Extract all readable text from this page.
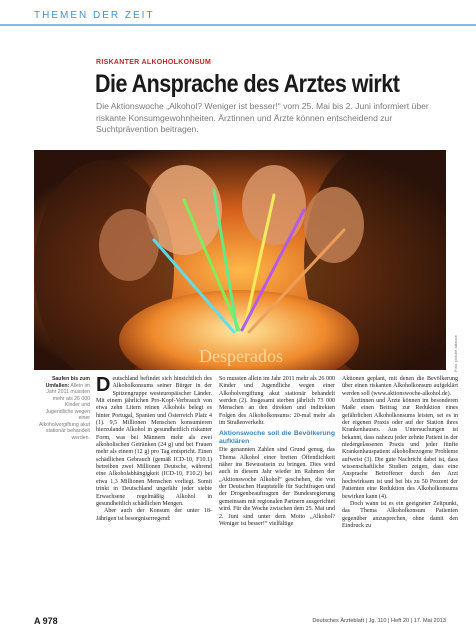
THEMEN DER ZEIT
RISKANTER ALKOHOLKONSUM
Die Ansprache des Arztes wirkt
Die Aktionswoche „Alkohol? Weniger ist besser!“ vom 25. Mai bis 2. Juni informiert über riskante Konsumgewohnheiten. Ärztinnen und Ärzte können entscheidend zur Suchtprävention beitragen.
Desperados	Foto: picture alliance
Saufen bis zum Umfallen: Allein im Jahr 2011 mussten mehr als 26 000 Kinder und Jugendliche wegen einer Alkoholvergiftung akut stationär behandelt werden.

Deutschland befindet sich hinsichtlich des Alkoholkonsums seiner Bürger in der Spitzengruppe westeuropäischer Länder. Mit einem jährlichen Pro-Kopf-Verbrauch von etwa zehn Litern reinen Alkohols belegt es hinter Portugal, Spanien und Österreich Platz 4 (1). 9,5 Millionen Menschen konsumieren hierzulande Alkohol in gesundheitlich riskanter Form, was bei Männern mehr als zwei alkoholischen Getränken (24 g) und bei Frauen mehr als einem (12 g) pro Tag entspricht. Einen schädlichen Gebrauch (gemäß ICD-10, F10.1) betreiben zwei Millionen Deutsche, während eine Alkoholabhängigkeit (ICD-10, F10.2) bei etwa 1,3 Millionen Menschen vorliegt. Somit trinkt in Deutschland ungefähr jeder siebte Erwachsene regelmäßig Alkohol in gesundheitlich schädlichen Mengen.

Aber auch der Konsum der unter 18-Jährigen ist besorgniserregend:

So mussten allein im Jahr 2011 mehr als 26 000 Kinder und Jugendliche wegen einer Alkoholvergiftung akut stationär behandelt werden (2). Insgesamt sterben jährlich 73 000 Menschen an den direkten und indirekten Folgen des Alkoholkonsums: 20-mal mehr als im Straßenverkehr.

Aktionswoche soll die Bevölkerung aufklären

Die genannten Zahlen sind Grund genug, das Thema Alkohol einer breiten Öffentlichkeit näher ins Bewusstsein zu bringen. Dies wird auch in diesem Jahr wieder im Rahmen der „Aktionswoche Alkohol“ geschehen, die von der Deutschen Hauptstelle für Suchtfragen und der Drogenbeauftragten der Bundesregierung gemeinsam mit regionalen Partnern ausgerichtet wird. Für die Woche zwischen dem 25. Mai und 2. Juni sind unter dem Motto „Alkohol? Weniger ist besser!“ vielfältige

Aktionen geplant, mit denen die Bevölkerung über einen riskanten Alkoholkonsum aufgeklärt werden soll (www.aktionswoche-alkohol.de).

Ärztinnen und Ärzte können im besonderen Maße einen Beitrag zur Reduktion eines gefährlichen Alkoholkonsums leisten, sei es in der eigenen Praxis oder auf der Station ihres Krankenhauses. Aus Untersuchungen ist bekannt, dass nahezu jeder zehnte Patient in der niedergelassenen Praxis und jeder fünfte Krankenhauspatient alkoholbezogene Probleme aufweist (3). Die gute Nachricht dabei ist, dass wissenschaftliche Studien zeigen, dass eine Ansprache Betroffener durch den Arzt hochwirksam ist und bei bis zu 50 Prozent der Patienten eine Reduktion des Alkoholkonsums bewirken kann (4).

Doch wann ist es ein geeigneter Zeitpunkt, das Thema Alkoholkonsum Patienten gegenüber anzusprechen, ohne damit den Eindruck zu

A 978	Deutsches Ärzteblatt | Jg. 110 | Heft 20 | 17. Mai 2013
